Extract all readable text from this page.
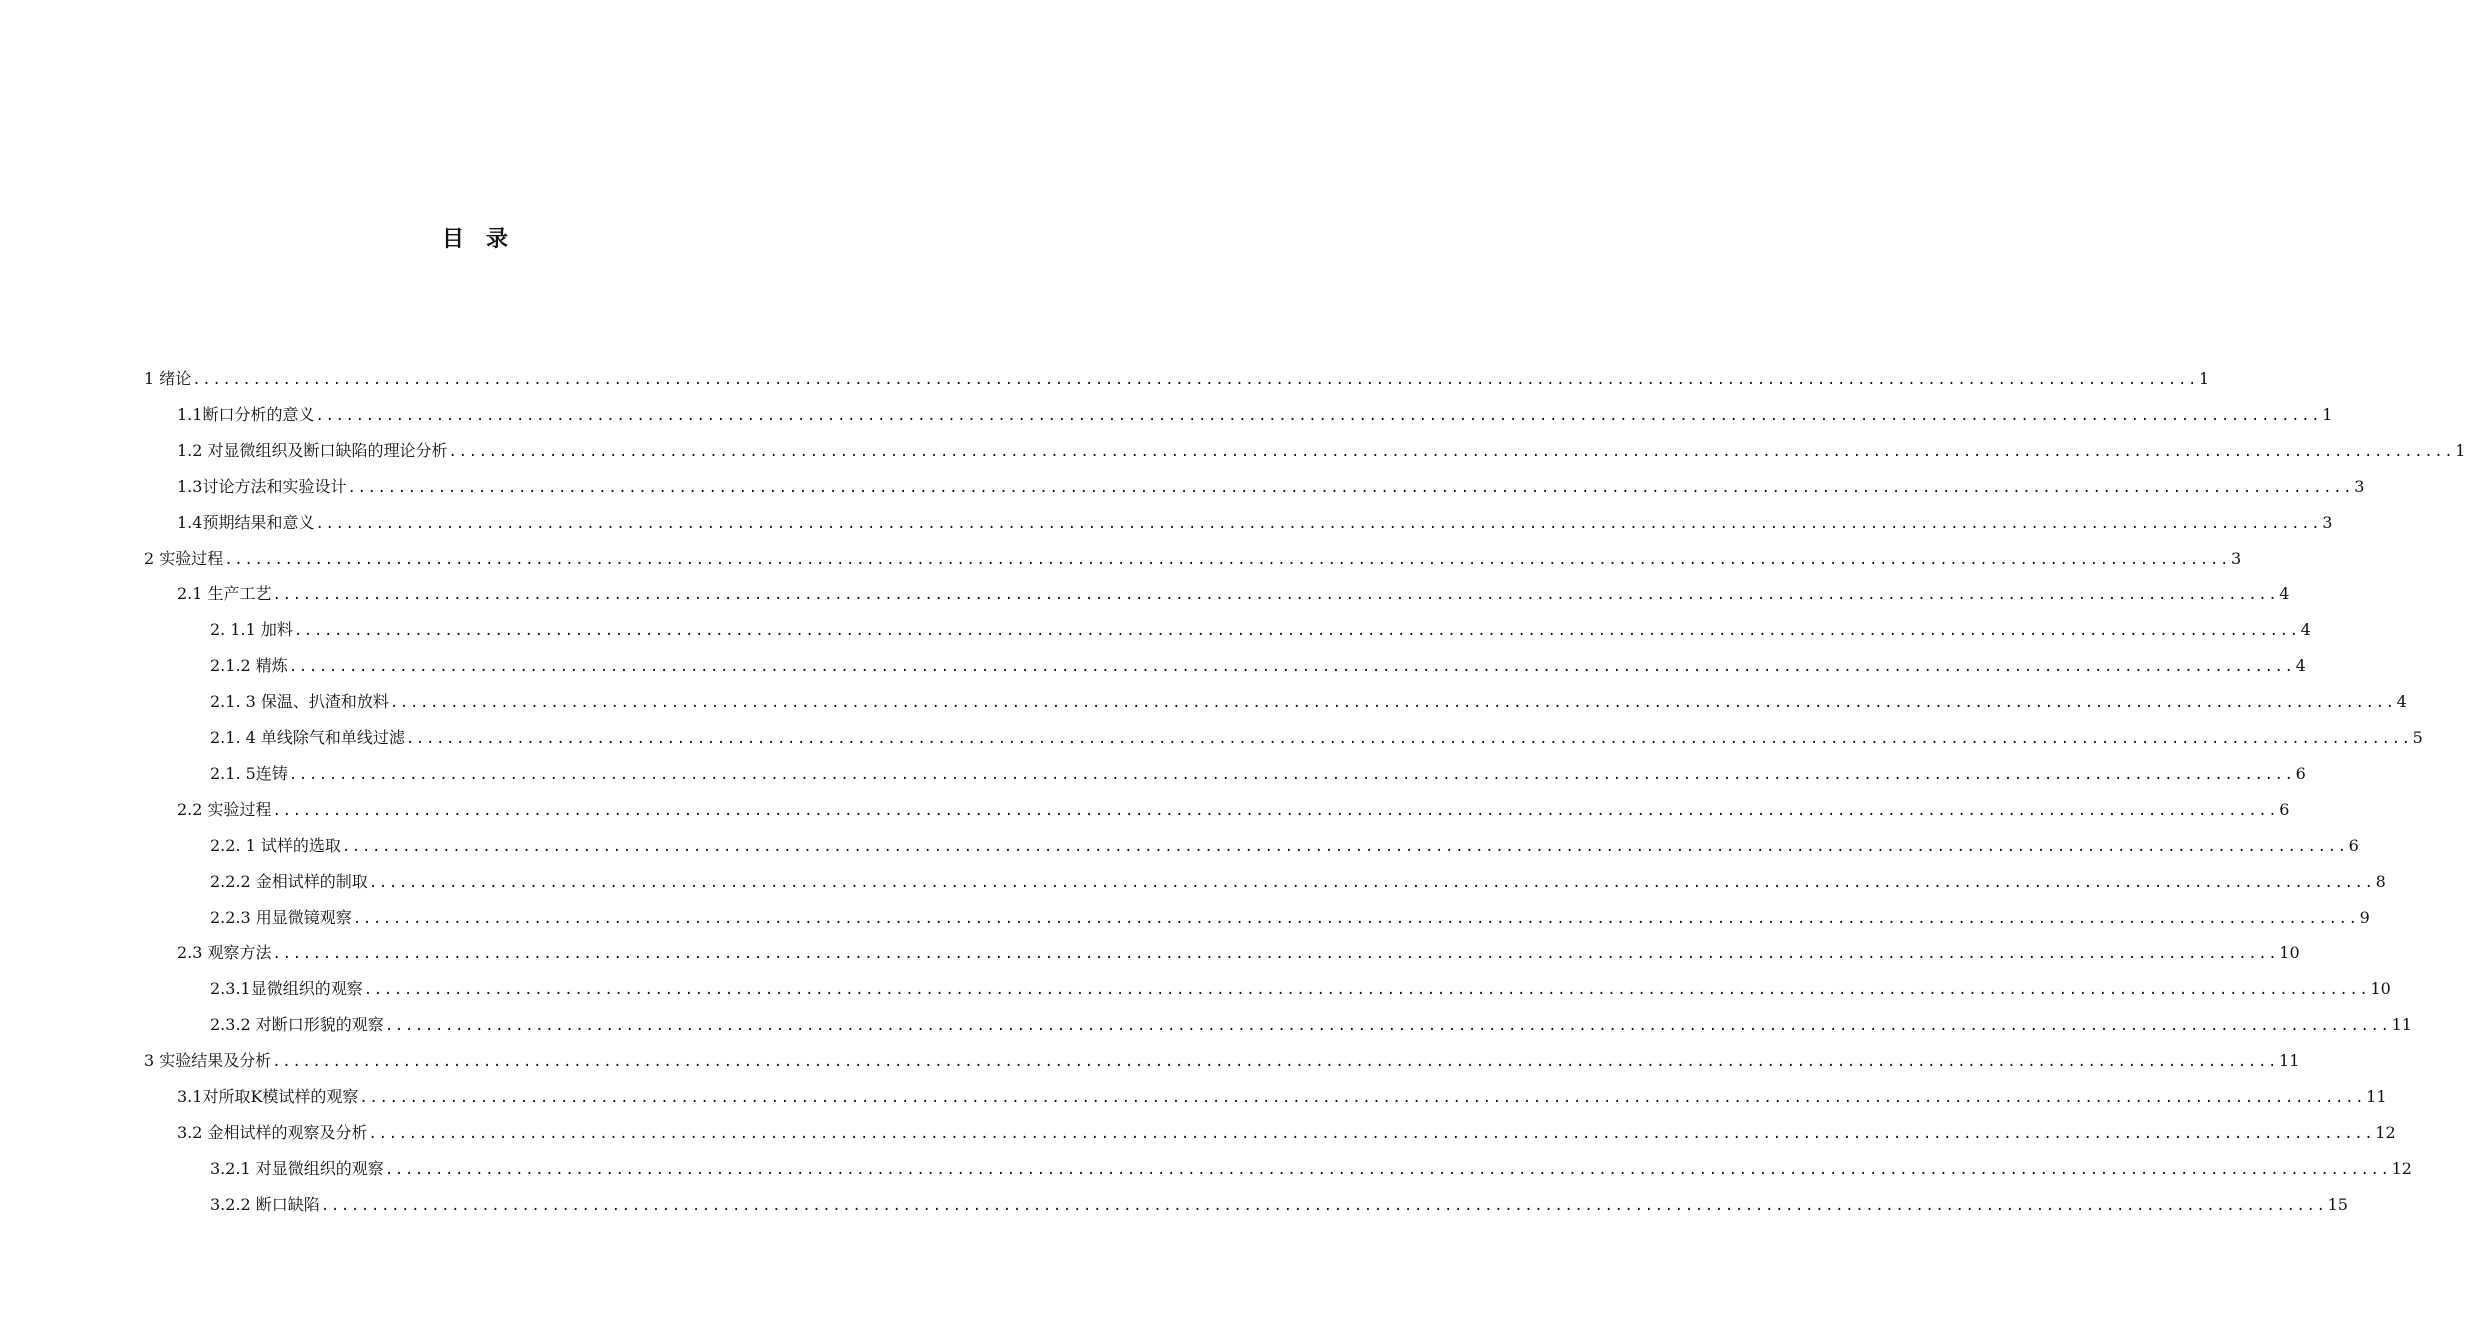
目　录
1 绪论 ........................................................................................................................................................................................................ 1
1.1断口分析的意义 ........................................................................................................................................................................................................ 1
1.2 对显微组织及断口缺陷的理论分析 ........................................................................................................................................................................................................ 1
1.3讨论方法和实验设计 ........................................................................................................................................................................................................ 3
1.4预期结果和意义 ........................................................................................................................................................................................................ 3
2 实验过程 ........................................................................................................................................................................................................ 3
2.1 生产工艺 ........................................................................................................................................................................................................ 4
2. 1.1 加料 ........................................................................................................................................................................................................ 4
2.1.2 精炼 ........................................................................................................................................................................................................ 4
2.1. 3 保温、扒渣和放料 ........................................................................................................................................................................................................ 4
2.1. 4 单线除气和单线过滤 ........................................................................................................................................................................................................ 5
2.1. 5连铸 ........................................................................................................................................................................................................ 6
2.2 实验过程 ........................................................................................................................................................................................................ 6
2.2. 1 试样的选取 ........................................................................................................................................................................................................ 6
2.2.2 金相试样的制取 ........................................................................................................................................................................................................ 8
2.2.3 用显微镜观察 ........................................................................................................................................................................................................ 9
2.3 观察方法 ........................................................................................................................................................................................................ 10
2.3.1显微组织的观察 ........................................................................................................................................................................................................ 10
2.3.2 对断口形貌的观察 ........................................................................................................................................................................................................ 11
3 实验结果及分析 ........................................................................................................................................................................................................ 11
3.1对所取K模试样的观察 ........................................................................................................................................................................................................ 11
3.2 金相试样的观察及分析 ........................................................................................................................................................................................................ 12
3.2.1 对显微组织的观察 ........................................................................................................................................................................................................ 12
3.2.2 断口缺陷 ........................................................................................................................................................................................................ 15
